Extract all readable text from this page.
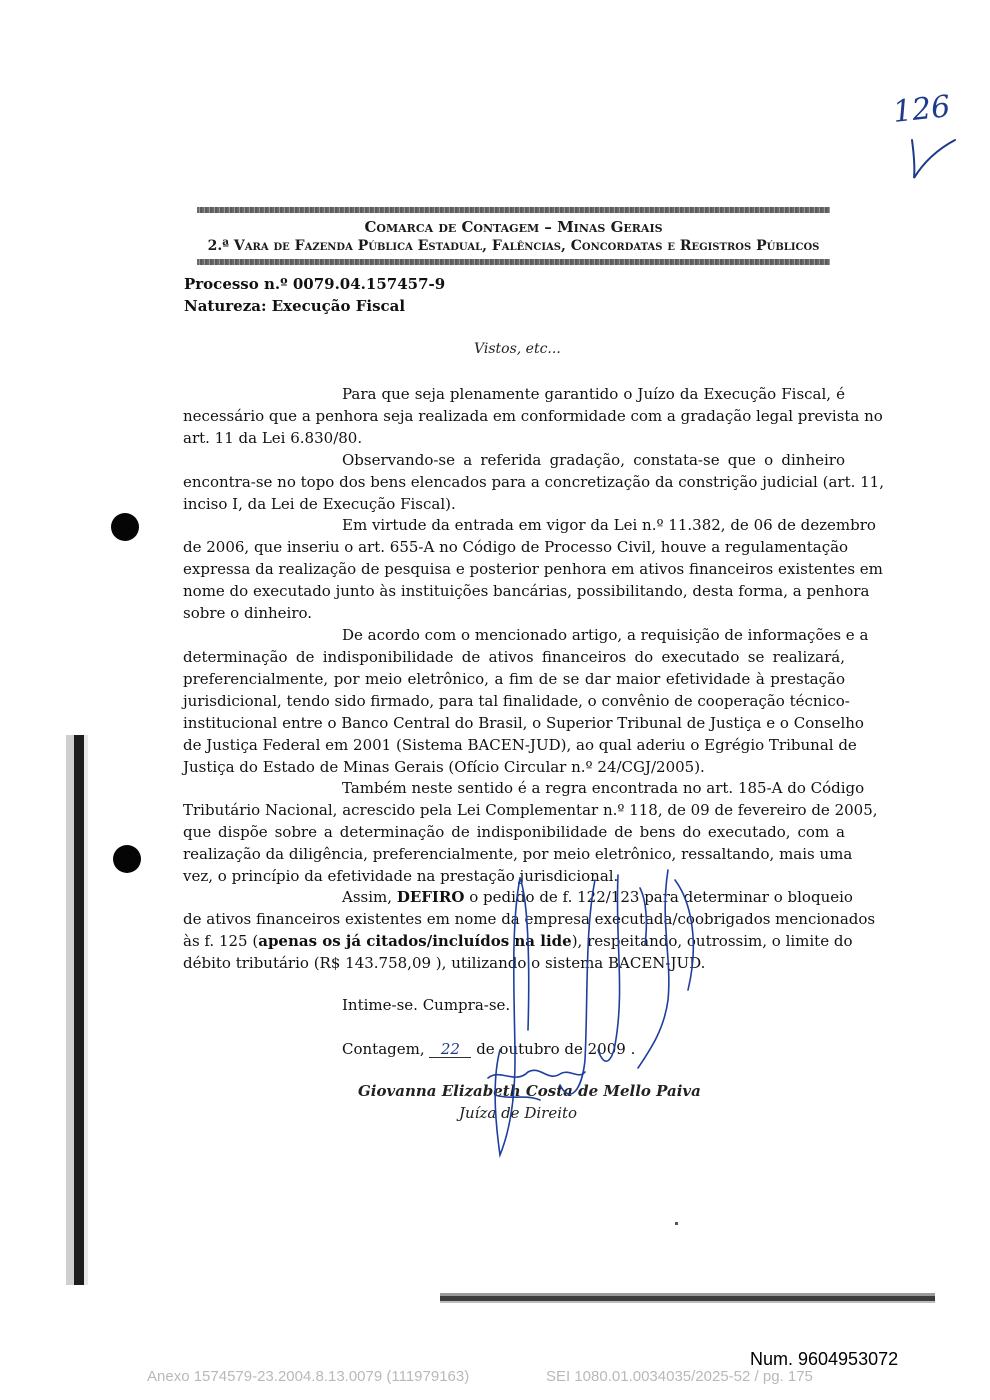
126
Comarca de Contagem – Minas Gerais
2.ª Vara de Fazenda Pública Estadual, Falências, Concordatas e Registros Públicos
Processo n.º 0079.04.157457-9
Natureza: Execução Fiscal
Vistos, etc...
Para que seja plenamente garantido o Juízo da Execução Fiscal, é
necessário que a penhora seja realizada em conformidade com a gradação legal prevista no
art. 11 da Lei 6.830/80.
Observando-se a referida gradação, constata-se que o dinheiro
encontra-se no topo dos bens elencados para a concretização da constrição judicial (art. 11,
inciso I, da Lei de Execução Fiscal).
Em virtude da entrada em vigor da Lei n.º 11.382, de 06 de dezembro
de 2006, que inseriu o art. 655-A no Código de Processo Civil, houve a regulamentação
expressa da realização de pesquisa e posterior penhora em ativos financeiros existentes em
nome do executado junto às instituições bancárias, possibilitando, desta forma, a penhora
sobre o dinheiro.
De acordo com o mencionado artigo, a requisição de informações e a
determinação de indisponibilidade de ativos financeiros do executado se realizará,
preferencialmente, por meio eletrônico, a fim de se dar maior efetividade à prestação
jurisdicional, tendo sido firmado, para tal finalidade, o convênio de cooperação técnico-
institucional entre o Banco Central do Brasil, o Superior Tribunal de Justiça e o Conselho
de Justiça Federal em 2001 (Sistema BACEN-JUD), ao qual aderiu o Egrégio Tribunal de
Justiça do Estado de Minas Gerais (Ofício Circular n.º 24/CGJ/2005).
Também neste sentido é a regra encontrada no art. 185-A do Código
Tributário Nacional, acrescido pela Lei Complementar n.º 118, de 09 de fevereiro de 2005,
que dispõe sobre a determinação de indisponibilidade de bens do executado, com a
realização da diligência, preferencialmente, por meio eletrônico, ressaltando, mais uma
vez, o princípio da efetividade na prestação jurisdicional.
Assim, DEFIRO o pedido de f. 122/123 para determinar o bloqueio
de ativos financeiros existentes em nome da empresa executada/coobrigados mencionados
às f. 125 (apenas os já citados/incluídos na lide), respeitando, outrossim, o limite do
débito tributário (R$ 143.758,09 ), utilizando o sistema BACEN-JUD.
Intime-se. Cumpra-se.
Contagem, 22 de outubro de 2009 .
Giovanna Elizabeth Costa de Mello Paiva
Juíza de Direito
Num. 9604953072
Anexo 1574579-23.2004.8.13.0079 (111979163)	SEI 1080.01.0034035/2025-52 / pg. 175
